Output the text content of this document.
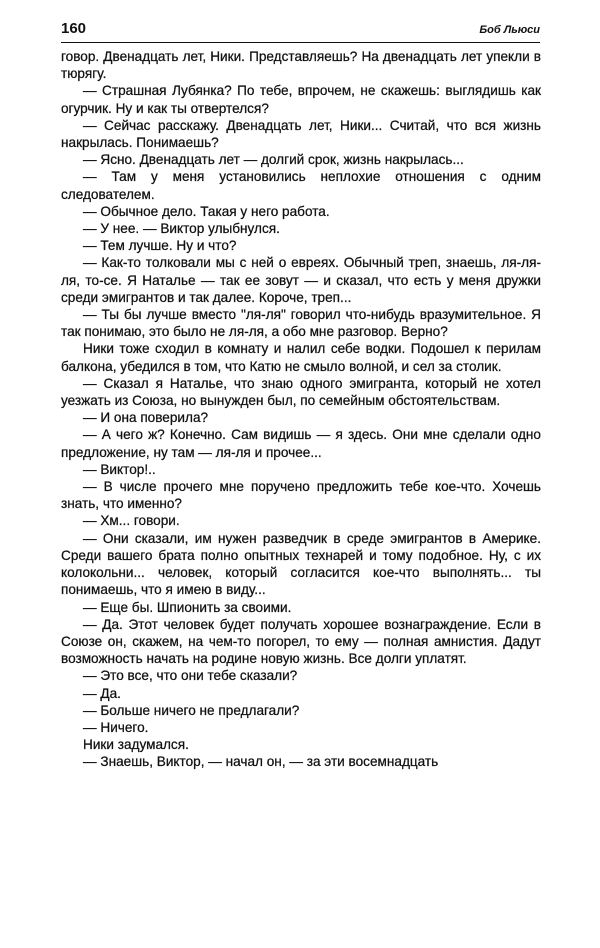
160	Боб Льюси

говор. Двенадцать лет, Ники. Представляешь? На двенадцать лет упекли в тюрягу.

— Страшная Лубянка? По тебе, впрочем, не скажешь: выглядишь как огурчик. Ну и как ты отвертелся?

— Сейчас расскажу. Двенадцать лет, Ники... Считай, что вся жизнь накрылась. Понимаешь?

— Ясно. Двенадцать лет — долгий срок, жизнь накрылась...

— Там у меня установились неплохие отношения с одним следователем.

— Обычное дело. Такая у него работа.

— У нее. — Виктор улыбнулся.

— Тем лучше. Ну и что?

— Как-то толковали мы с ней о евреях. Обычный треп, знаешь, ля-ля-ля, то-се. Я Наталье — так ее зовут — и сказал, что есть у меня дружки среди эмигрантов и так далее. Короче, треп...

— Ты бы лучше вместо "ля-ля" говорил что-нибудь вразумительное. Я так понимаю, это было не ля-ля, а обо мне разговор. Верно?

Ники тоже сходил в комнату и налил себе водки. Подошел к перилам балкона, убедился в том, что Катю не смыло волной, и сел за столик.

— Сказал я Наталье, что знаю одного эмигранта, который не хотел уезжать из Союза, но вынужден был, по семейным обстоятельствам.

— И она поверила?

— А чего ж? Конечно. Сам видишь — я здесь. Они мне сделали одно предложение, ну там — ля-ля и прочее...

— Виктор!..

— В числе прочего мне поручено предложить тебе кое-что. Хочешь знать, что именно?

— Хм... говори.

— Они сказали, им нужен разведчик в среде эмигрантов в Америке. Среди вашего брата полно опытных технарей и тому подобное. Ну, с их колокольни... человек, который согласится кое-что выполнять... ты понимаешь, что я имею в виду...

— Еще бы. Шпионить за своими.

— Да. Этот человек будет получать хорошее вознаграждение. Если в Союзе он, скажем, на чем-то погорел, то ему — полная амнистия. Дадут возможность начать на родине новую жизнь. Все долги уплатят.

— Это все, что они тебе сказали?

— Да.

— Больше ничего не предлагали?

— Ничего.

Ники задумался.

— Знаешь, Виктор, — начал он, — за эти восемнадцать
